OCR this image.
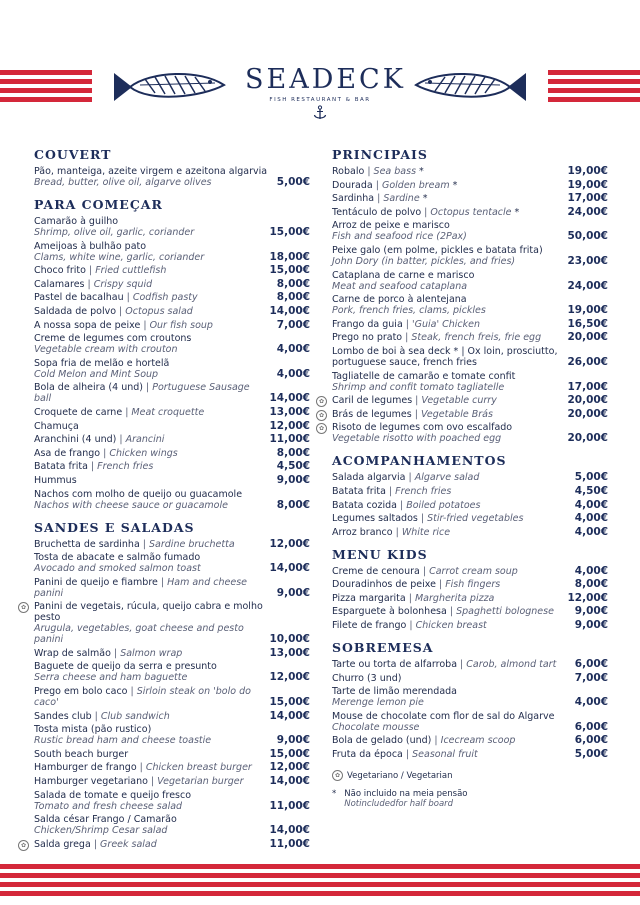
SEADECK
FISH RESTAURANT & BAR
COUVERT
Pão, manteiga, azeite virgem e azeitona algarvia
Bread, butter, olive oil, algarve olives	5,00€
PARA COMEÇAR
Camarão à guilho
Shrimp, olive oil, garlic, coriander	15,00€
Ameijoas à bulhão pato
Clams, white wine, garlic, coriander	18,00€
Choco frito | Fried cuttlefish	15,00€
Calamares | Crispy squid	8,00€
Pastel de bacalhau | Codfish pasty	8,00€
Saldada de polvo | Octopus salad	14,00€
A nossa sopa de peixe | Our fish soup	7,00€
Creme de legumes com croutons
Vegetable cream with crouton	4,00€
Sopa fria de melão e hortelã
Cold Melon and Mint Soup	4,00€
Bola de alheira (4 und) | Portuguese Sausage ball	14,00€
Croquete de carne | Meat croquette	13,00€
Chamuça	12,00€
Aranchini (4 und) | Arancini	11,00€
Asa de frango | Chicken wings	8,00€
Batata frita | French fries	4,50€
Hummus	9,00€
Nachos com molho de queijo ou guacamole
Nachos with cheese sauce or guacamole	8,00€
SANDES E SALADAS
Bruchetta de sardinha | Sardine bruchetta	12,00€
Tosta de abacate e salmão fumado
Avocado and smoked salmon toast	14,00€
Panini de queijo e fiambre | Ham and cheese panini	9,00€
Panini de vegetais, rúcula, queijo cabra e molho pesto
Arugula, vegetables, goat cheese and pesto panini	10,00€
✿
Wrap de salmão | Salmon wrap	13,00€
Baguete de queijo da serra e presunto
Serra cheese and ham baguette	12,00€
Prego em bolo caco | Sirloin steak on 'bolo do caco'	15,00€
Sandes club | Club sandwich	14,00€
Tosta mista (pão rustico)
Rustic bread ham and cheese toastie	9,00€
South beach burger	15,00€
Hamburger de frango | Chicken breast burger	12,00€
Hamburger vegetariano | Vegetarian burger	14,00€
Salada de tomate e queijo fresco
Tomato and fresh cheese salad	11,00€
Salda césar Frango / Camarão
Chicken/Shrimp Cesar salad	14,00€
Salda grega | Greek salad	11,00€
✿
PRINCIPAIS
Robalo | Sea bass *	19,00€
Dourada | Golden bream *	19,00€
Sardinha | Sardine *	17,00€
Tentáculo de polvo | Octopus tentacle *	24,00€
Arroz de peixe e marisco
Fish and seafood rice (2Pax)	50,00€
Peixe galo (em polme, pickles e batata frita)
John Dory (in batter, pickles, and fries)	23,00€
Cataplana de carne e marisco
Meat and seafood cataplana	24,00€
Carne de porco à alentejana
Pork, french fries, clams, pickles	19,00€
Frango da guia | 'Guia' Chicken	16,50€
Prego no prato | Steak, french freis, frie egg	20,00€
Lombo de boi à sea deck * | Ox loin, prosciutto, portuguese sauce, french fries	26,00€
Tagliatelle de camarão e tomate confit
Shrimp and confit tomato tagliatelle	17,00€
Caril de legumes | Vegetable curry	20,00€
✿
Brás de legumes | Vegetable Brás	20,00€
✿
Risoto de legumes com ovo escalfado
Vegetable risotto with poached egg	20,00€
✿
ACOMPANHAMENTOS
Salada algarvia | Algarve salad	5,00€
Batata frita | French fries	4,50€
Batata cozida | Boiled potatoes	4,00€
Legumes saltados | Stir-fried vegetables	4,00€
Arroz branco | White rice	4,00€
MENU KIDS
Creme de cenoura | Carrot cream soup	4,00€
Douradinhos de peixe | Fish fingers	8,00€
Pizza margarita | Margherita pizza	12,00€
Esparguete à bolonhesa | Spaghetti bolognese	9,00€
Filete de frango | Chicken breast	9,00€
SOBREMESA
Tarte ou torta de alfarroba | Carob, almond tart	6,00€
Churro (3 und)	7,00€
Tarte de limão merendada
Merenge lemon pie	4,00€
Mouse de chocolate com flor de sal do Algarve
Chocolate mousse	6,00€
Bola de gelado (und) | Icecream scoop	6,00€
Fruta da época | Seasonal fruit	5,00€
✿ Vegetariano / Vegetarian
* Não incluido na meia pensão
Notincludedfor half board
